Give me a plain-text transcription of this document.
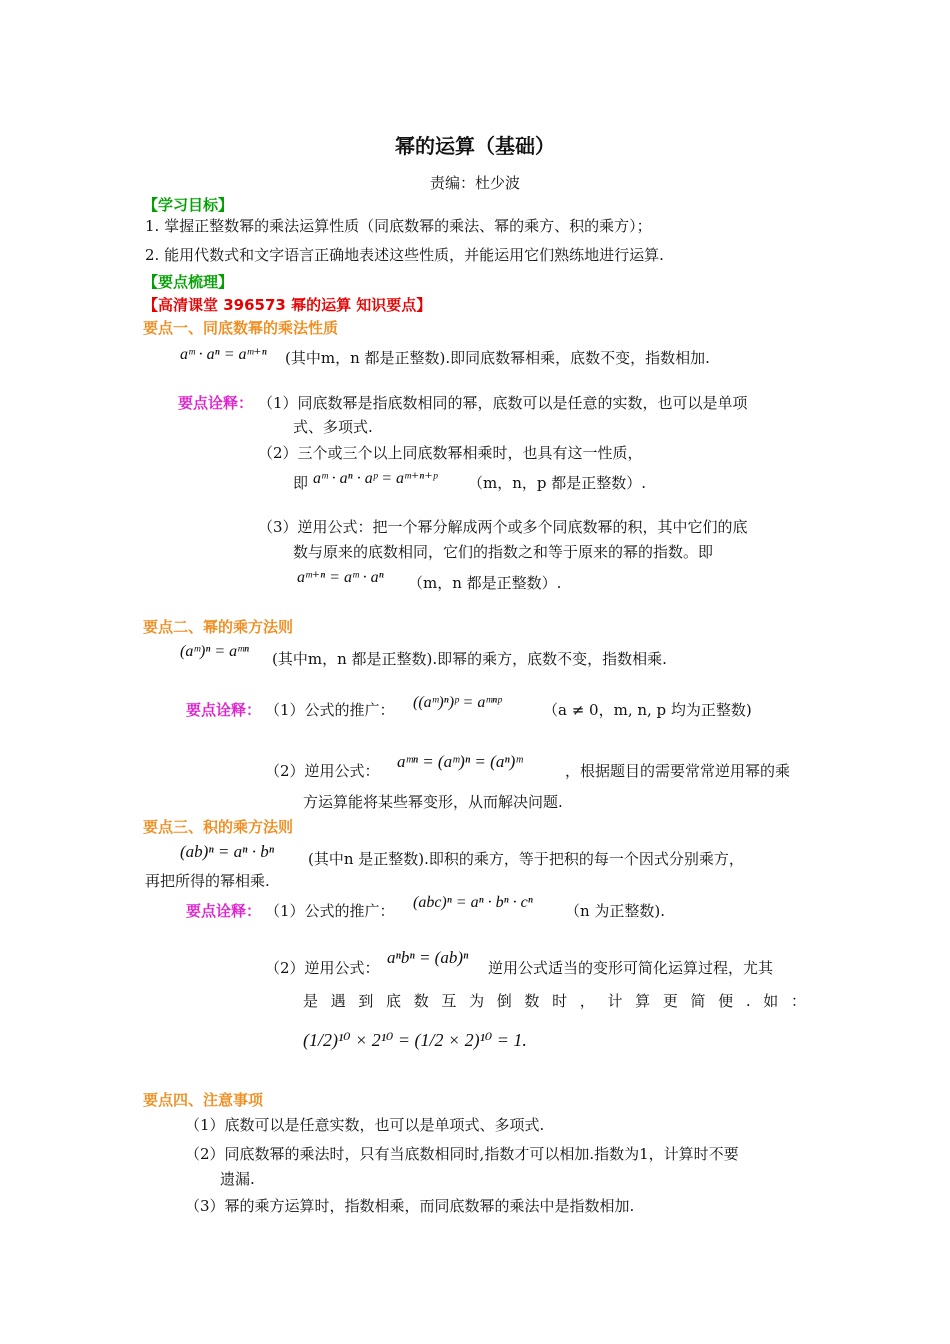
幂的运算（基础）
责编：杜少波
【学习目标】
1. 掌握正整数幂的乘法运算性质（同底数幂的乘法、幂的乘方、积的乘方）；
2. 能用代数式和文字语言正确地表述这些性质，并能运用它们熟练地进行运算.
【要点梳理】
【高清课堂 396573 幂的运算 知识要点】
要点一、同底数幂的乘法性质
aᵐ · aⁿ = aᵐ⁺ⁿ (其中m，n 都是正整数).即同底数幂相乘，底数不变，指数相加.
要点诠释： （1）同底数幂是指底数相同的幂，底数可以是任意的实数，也可以是单项
式、多项式.
（2）三个或三个以上同底数幂相乘时，也具有这一性质，
即 aᵐ · aⁿ · aᵖ = aᵐ⁺ⁿ⁺ᵖ （m，n，p 都是正整数）.
（3）逆用公式：把一个幂分解成两个或多个同底数幂的积，其中它们的底
数与原来的底数相同，它们的指数之和等于原来的幂的指数。即
aᵐ⁺ⁿ = aᵐ · aⁿ （m，n 都是正整数）.
要点二、幂的乘方法则
(aᵐ)ⁿ = aᵐⁿ (其中m，n 都是正整数).即幂的乘方，底数不变，指数相乘.
要点诠释： （1）公式的推广： ((aᵐ)ⁿ)ᵖ = aᵐⁿᵖ	（a ≠ 0，m, n, p 均为正整数)
（2）逆用公式： aᵐⁿ = (aᵐ)ⁿ = (aⁿ)ᵐ	，根据题目的需要常常逆用幂的乘
方运算能将某些幂变形，从而解决问题.
要点三、积的乘方法则
(ab)ⁿ = aⁿ · bⁿ (其中n 是正整数).即积的乘方，等于把积的每一个因式分别乘方，
再把所得的幂相乘.
要点诠释： （1）公式的推广： (abc)ⁿ = aⁿ · bⁿ · cⁿ （n 为正整数).
（2）逆用公式：
aⁿbⁿ = (ab)ⁿ
逆用公式适当的变形可简化运算过程，尤其
是遇到底数互为倒数时，计算更简便.如：
(1/2)¹⁰ × 2¹⁰ = (1/2 × 2)¹⁰ = 1.
要点四、注意事项
（1）底数可以是任意实数，也可以是单项式、多项式.
（2）同底数幂的乘法时，只有当底数相同时,指数才可以相加.指数为1，计算时不要
遗漏.
（3）幂的乘方运算时，指数相乘，而同底数幂的乘法中是指数相加.
